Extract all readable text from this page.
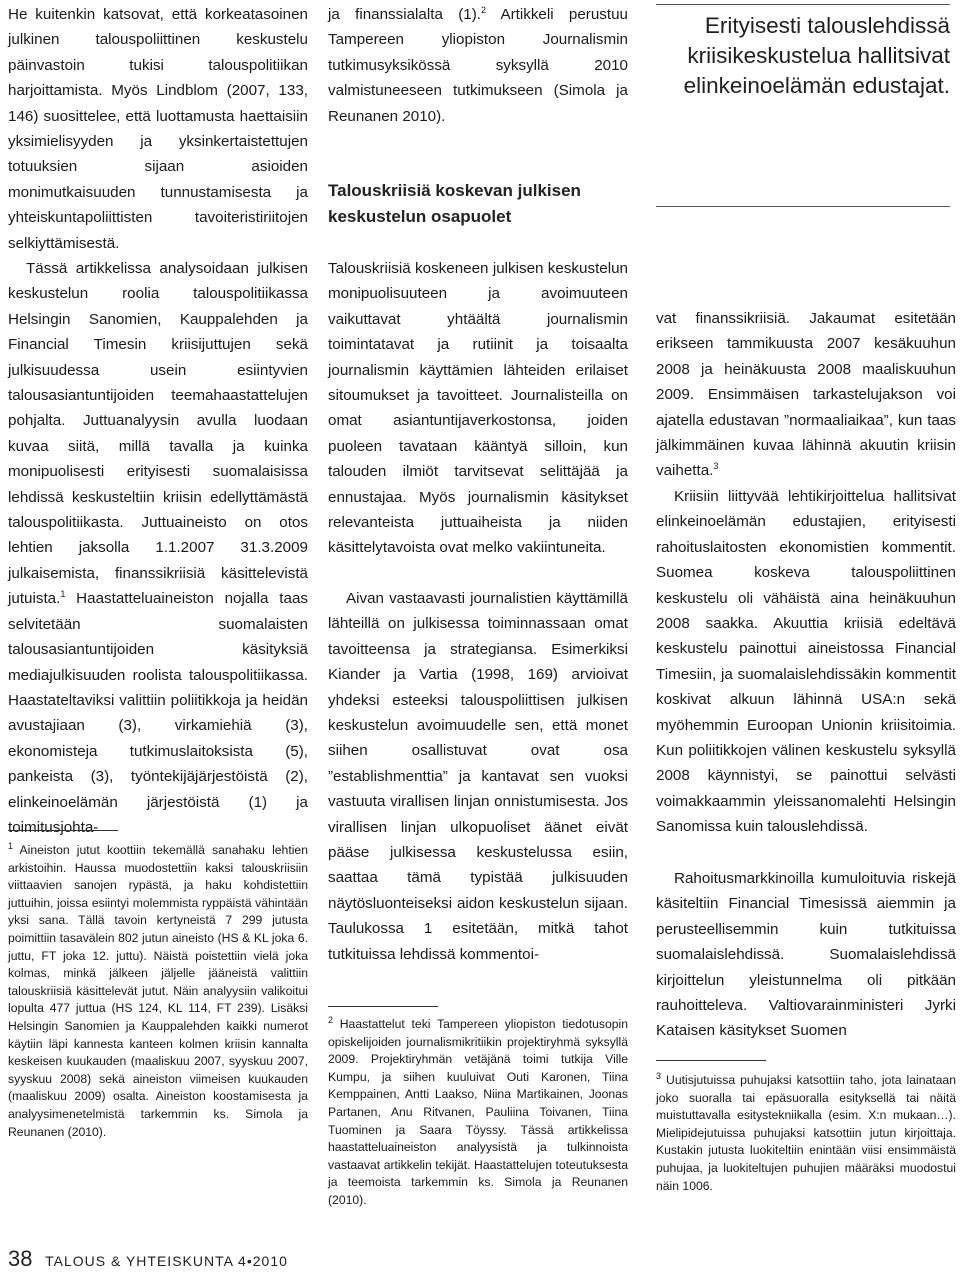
He kuitenkin katsovat, että korkeatasoinen julkinen talouspoliittinen keskustelu päinvastoin tukisi talouspolitiikan harjoittamista. Myös Lindblom (2007, 133, 146) suosittelee, että luottamusta haettaisiin yksimielisyyden ja yksinkertaistettujen totuuksien sijaan asioiden monimutkaisuuden tunnustamisesta ja yhteiskuntapoliittisten tavoiteristiriitojen selkiyttämisestä.

Tässä artikkelissa analysoidaan julkisen keskustelun roolia talouspolitiikassa Helsingin Sanomien, Kauppalehden ja Financial Timesin kriisijuttujen sekä julkisuudessa usein esiintyvien talousasiantuntijoiden teemahaastattelujen pohjalta. Juttuanalyysin avulla luodaan kuvaa siitä, millä tavalla ja kuinka monipuolisesti erityisesti suomalaisissa lehdissä keskusteltiin kriisin edellyttämästä talouspolitiikasta. Juttuaineisto on otos lehtien jaksolla 1.1.2007 31.3.2009 julkaisemista, finanssikriisiä käsittelevistä jutuista.$^1$ Haastatteluaineiston nojalla taas selvitetään suomalaisten talousasiantuntijoiden käsityksiä mediajulkisuuden roolista talouspolitiikassa. Haastateltaviksi valittiin poliitikkoja ja heidän avustajiaan (3), virkamiehiä (3), ekonomisteja tutkimuslaitoksista (5), pankeista (3), työntekijäjärjestöistä (2), elinkeinoelämän järjestöistä (1) ja toimitusjohta-

$^1$ Aineiston jutut koottiin tekemällä sanahaku lehtien arkistoihin. Haussa muodostettiin kaksi talouskriisiin viittaavien sanojen rypästä, ja haku kohdistettiin juttuihin, joissa esiintyi molemmista ryppäistä vähintään yksi sana. Tällä tavoin kertyneistä 7 299 jutusta poimittiin tasavälein 802 jutun aineisto (HS & KL joka 6. juttu, FT joka 12. juttu). Näistä poistettiin vielä joka kolmas, minkä jälkeen jäljelle jääneistä valittiin talouskriisiä käsittelevät jutut. Näin analyysiin valikoitui lopulta 477 juttua (HS 124, KL 114, FT 239). Lisäksi Helsingin Sanomien ja Kauppalehden kaikki numerot käytiin läpi kannesta kanteen kolmen kriisin kannalta keskeisen kuukauden (maaliskuu 2007, syyskuu 2007, syyskuu 2008) sekä aineiston viimeisen kuukauden (maaliskuu 2009) osalta. Aineiston koostamisesta ja analyysimenetelmistä tarkemmin ks. Simola ja Reunanen (2010).

ja finanssialalta (1).$^2$ Artikkeli perustuu Tampereen yliopiston Journalismin tutkimusyksikössä syksyllä 2010 valmistuneeseen tutkimukseen (Simola ja Reunanen 2010).

Talouskriisiä koskevan julkisen keskustelun osapuolet

Talouskriisiä koskeneen julkisen keskustelun monipuolisuuteen ja avoimuuteen vaikuttavat yhtäältä journalismin toimintatavat ja rutiinit ja toisaalta journalismin käyttämien lähteiden erilaiset sitoumukset ja tavoitteet. Journalisteilla on omat asiantuntijaverkostonsa, joiden puoleen tavataan kääntyä silloin, kun talouden ilmiöt tarvitsevat selittäjää ja ennustajaa. Myös journalismin käsitykset relevanteista juttuaiheista ja niiden käsittelytavoista ovat melko vakiintuneita.

Aivan vastaavasti journalistien käyttämillä lähteillä on julkisessa toiminnassaan omat tavoitteensa ja strategiansa. Esimerkiksi Kiander ja Vartia (1998, 169) arvioivat yhdeksi esteeksi talouspoliittisen julkisen keskustelun avoimuudelle sen, että monet siihen osallistuvat ovat osa ”establishmenttia” ja kantavat sen vuoksi vastuuta virallisen linjan onnistumisesta. Jos virallisen linjan ulkopuoliset äänet eivät pääse julkisessa keskustelussa esiin, saattaa tämä typistää julkisuuden näytösluonteiseksi aidon keskustelun sijaan. Taulukossa 1 esitetään, mitkä tahot tutkituissa lehdissä kommentoi-

$^2$ Haastattelut teki Tampereen yliopiston tiedotusopin opiskelijoiden journalismikritiikin projektiryhmä syksyllä 2009. Projektiryhmän vetäjänä toimi tutkija Ville Kumpu, ja siihen kuuluivat Outi Karonen, Tiina Kemppainen, Antti Laakso, Niina Martikainen, Joonas Partanen, Anu Ritvanen, Pauliina Toivanen, Tiina Tuominen ja Saara Töyssy. Tässä artikkelissa haastatteluaineiston analyysistä ja tulkinnoista vastaavat artikkelin tekijät. Haastattelujen toteutuksesta ja teemoista tarkemmin ks. Simola ja Reunanen (2010).

Erityisesti talouslehdissä kriisikeskustelua hallitsivat elinkeinoelämän edustajat.

vat finanssikriisiä. Jakaumat esitetään erikseen tammikuusta 2007 kesäkuuhun 2008 ja heinäkuusta 2008 maaliskuuhun 2009. Ensimmäisen tarkastelujakson voi ajatella edustavan ”normaaliaikaa”, kun taas jälkimmäinen kuvaa lähinnä akuutin kriisin vaihetta.$^3$

Kriisiin liittyvää lehtikirjoittelua hallitsivat elinkeinoelämän edustajien, erityisesti rahoituslaitosten ekonomistien kommentit. Suomea koskeva talouspoliittinen keskustelu oli vähäistä aina heinäkuuhun 2008 saakka. Akuuttia kriisiä edeltävä keskustelu painottui aineistossa Financial Timesiin, ja suomalaislehdissäkin kommentit koskivat alkuun lähinnä USA:n sekä myöhemmin Euroopan Unionin kriisitoimia. Kun poliitikkojen välinen keskustelu syksyllä 2008 käynnistyi, se painottui selvästi voimakkaammin yleissanomalehti Helsingin Sanomissa kuin talouslehdissä.

Rahoitusmarkkinoilla kumuloituvia riskejä käsiteltiin Financial Timesissä aiemmin ja perusteellisemmin kuin tutkituissa suomalaislehdissä. Suomalaislehdissä kirjoittelun yleistunnelma oli pitkään rauhoitteleva. Valtiovarainministeri Jyrki Kataisen käsitykset Suomen

$^3$ Uutisjutuissa puhujaksi katsottiin taho, jota lainataan joko suoralla tai epäsuoralla esityksellä tai näitä muistuttavalla esitystekniikalla (esim. X:n mukaan…). Mielipidejutuissa puhujaksi katsottiin jutun kirjoittaja. Kustakin jutusta luokiteltiin enintään viisi ensimmäistä puhujaa, ja luokiteltujen puhujien määräksi muodostui näin 1006.

38 TALOUS & YHTEISKUNTA 4•2010
